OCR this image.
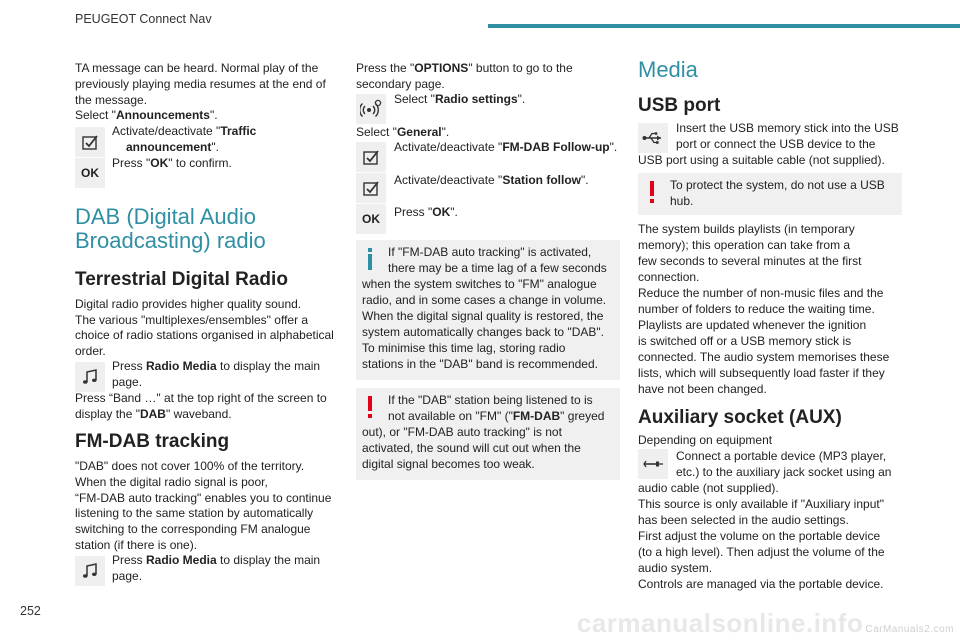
PEUGEOT Connect Nav

TA message can be heard. Normal play of the

previously playing media resumes at the end of

the message.

Select "Announcements".

Activate/deactivate "Traffic

announcement".

OK

Press "OK" to confirm.

DAB (Digital Audio
Broadcasting) radio
Terrestrial Digital Radio

Digital radio provides higher quality sound.

The various "multiplexes/ensembles" offer a

choice of radio stations organised in alphabetical

order.

Press Radio Media to display the main

page.

Press “Band …" at the top right of the screen to

display the "DAB" waveband.

FM-DAB tracking

"DAB" does not cover 100% of the territory.

When the digital radio signal is poor,

“FM-DAB auto tracking" enables you to continue

listening to the same station by automatically

switching to the corresponding FM analogue

station (if there is one).

Press Radio Media to display the main

page.

Press the "OPTIONS" button to go to the

secondary page.

Select "Radio settings".

Select "General".

Activate/deactivate "FM-DAB Follow-up".

Activate/deactivate "Station follow".

OK Press "OK".

If "FM-DAB auto tracking" is activated,

there may be a time lag of a few seconds

when the system switches to "FM" analogue

radio, and in some cases a change in volume.

When the digital signal quality is restored, the

system automatically changes back to "DAB".

To minimise this time lag, storing radio

stations in the "DAB" band is recommended.

If the "DAB" station being listened to is

not available on "FM" ("FM-DAB" greyed

out), or "FM-DAB auto tracking" is not

activated, the sound will cut out when the

digital signal becomes too weak.

Media
USB port

Insert the USB memory stick into the USB

port or connect the USB device to the

USB port using a suitable cable (not supplied).

To protect the system, do not use a USB

hub.

The system builds playlists (in temporary

memory); this operation can take from a

few seconds to several minutes at the first

connection.

Reduce the number of non-music files and the

number of folders to reduce the waiting time.

Playlists are updated whenever the ignition

is switched off or a USB memory stick is

connected. The audio system memorises these

lists, which will subsequently load faster if they

have not been changed.

Auxiliary socket (AUX)

Depending on equipment

Connect a portable device (MP3 player,

etc.) to the auxiliary jack socket using an

audio cable (not supplied).

This source is only available if "Auxiliary input"

has been selected in the audio settings.

First adjust the volume on the portable device

(to a high level). Then adjust the volume of the

audio system.

Controls are managed via the portable device.

252	carmanualsonline.info CarManuals2.com
